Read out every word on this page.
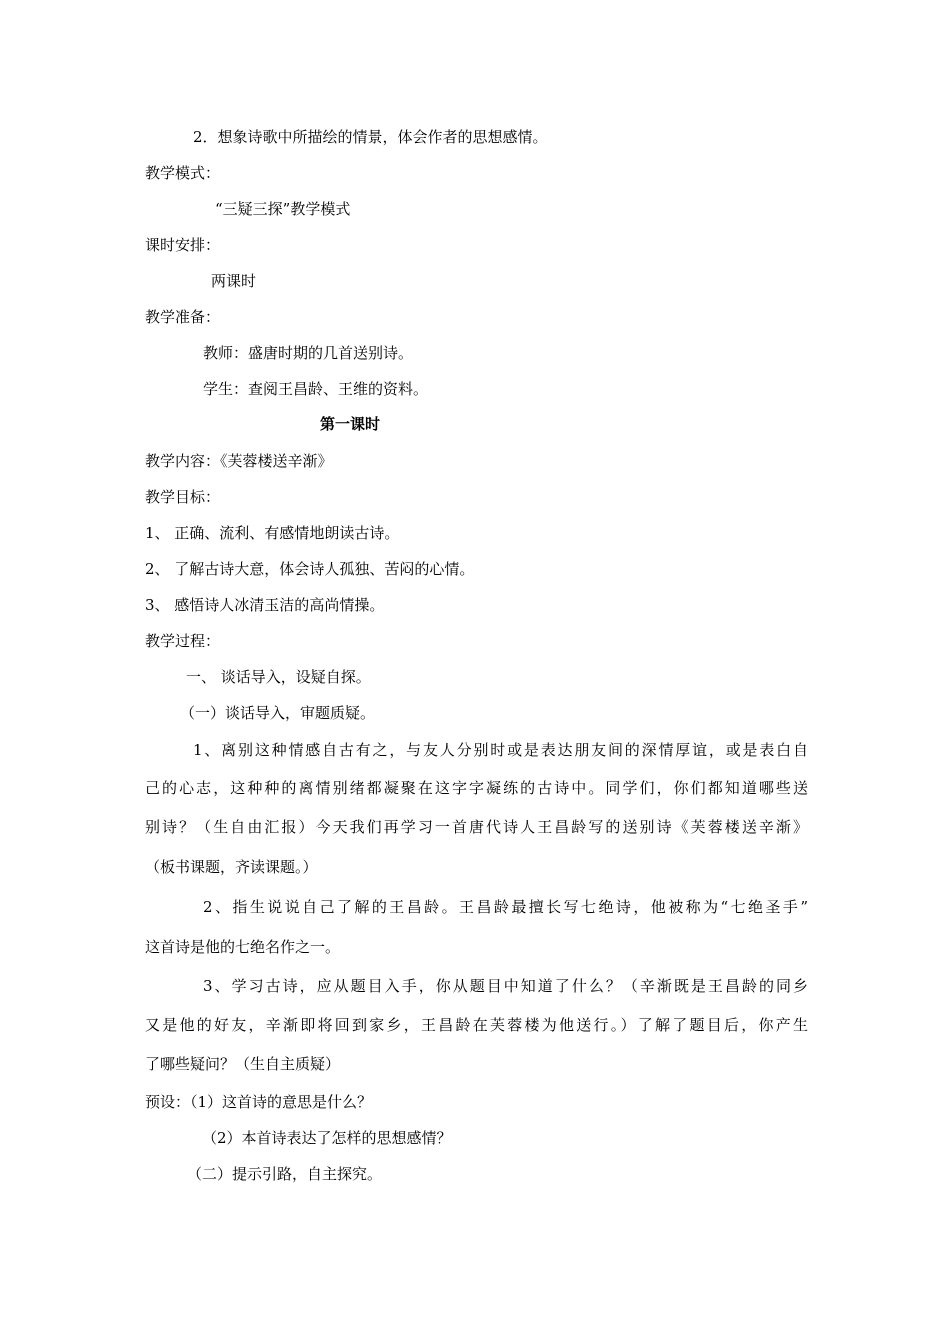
2．想象诗歌中所描绘的情景，体会作者的思想感情。
教学模式：
“三疑三探”教学模式
课时安排：
两课时
教学准备：
教师：盛唐时期的几首送别诗。
学生：查阅王昌龄、王维的资料。
第一课时
教学内容：《芙蓉楼送辛渐》
教学目标：
1、 正确、流利、有感情地朗读古诗。
2、 了解古诗大意，体会诗人孤独、苦闷的心情。
3、 感悟诗人冰清玉洁的高尚情操。
教学过程：
一、 谈话导入，设疑自探。
（一）谈话导入，审题质疑。
1、离别这种情感自古有之，与友人分别时或是表达朋友间的深情厚谊，或是表白自
己的心志，这种种的离情别绪都凝聚在这字字凝练的古诗中。同学们，你们都知道哪些送
别诗？（生自由汇报）今天我们再学习一首唐代诗人王昌龄写的送别诗《芙蓉楼送辛渐》
（板书课题，齐读课题。）
2、指生说说自己了解的王昌龄。王昌龄最擅长写七绝诗，他被称为“七绝圣手”
这首诗是他的七绝名作之一。
3、学习古诗，应从题目入手，你从题目中知道了什么？（辛渐既是王昌龄的同乡
又是他的好友，辛渐即将回到家乡，王昌龄在芙蓉楼为他送行。）了解了题目后，你产生
了哪些疑问？（生自主质疑）
预设：（1）这首诗的意思是什么？
（2）本首诗表达了怎样的思想感情？
（二）提示引路，自主探究。
